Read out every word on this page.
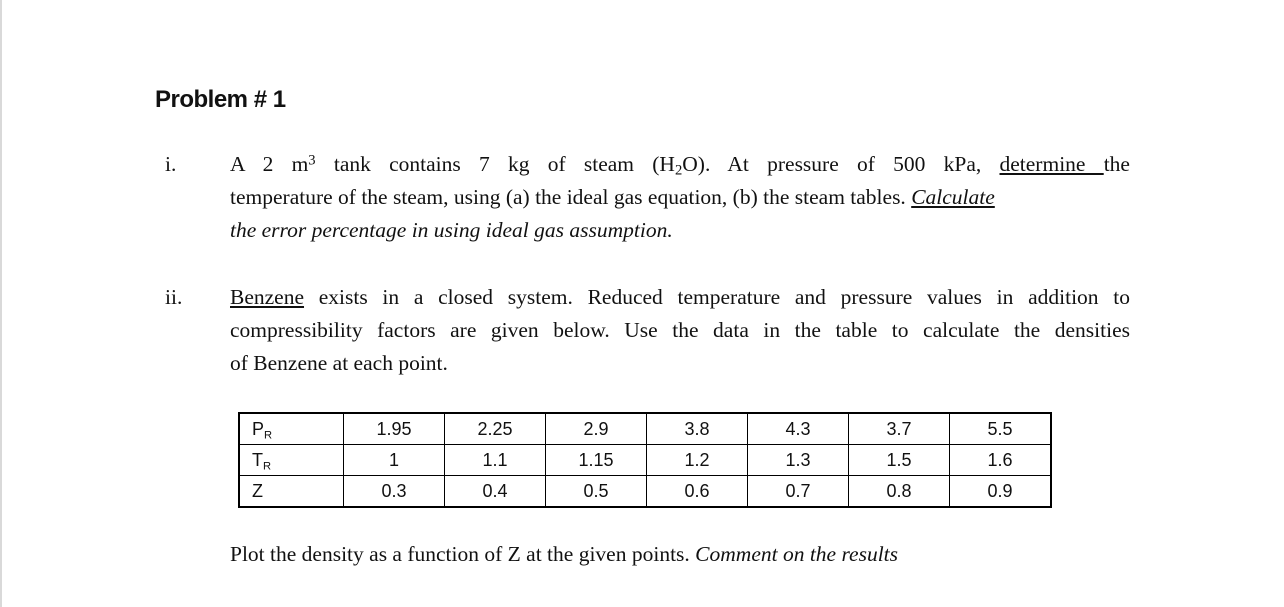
Problem # 1
i.	A 2 $m^3$ tank contains 7 kg of steam $(H_2O)$. At pressure of 500 kPa, determine the
temperature of the steam, using (a) the ideal gas equation, (b) the steam tables. Calculate
the error percentage in using ideal gas assumption.
ii.	Benzene exists in a closed system. Reduced temperature and pressure values in addition to
compressibility factors are given below. Use the data in the table to calculate the densities
of Benzene at each point.
$P_R$	1.95	2.25	2.9	3.8	4.3	3.7	5.5
$T_R$	1	1.1	1.15	1.2	1.3	1.5	1.6
Z	0.3	0.4	0.5	0.6	0.7	0.8	0.9
Plot the density as a function of Z at the given points. Comment on the results
